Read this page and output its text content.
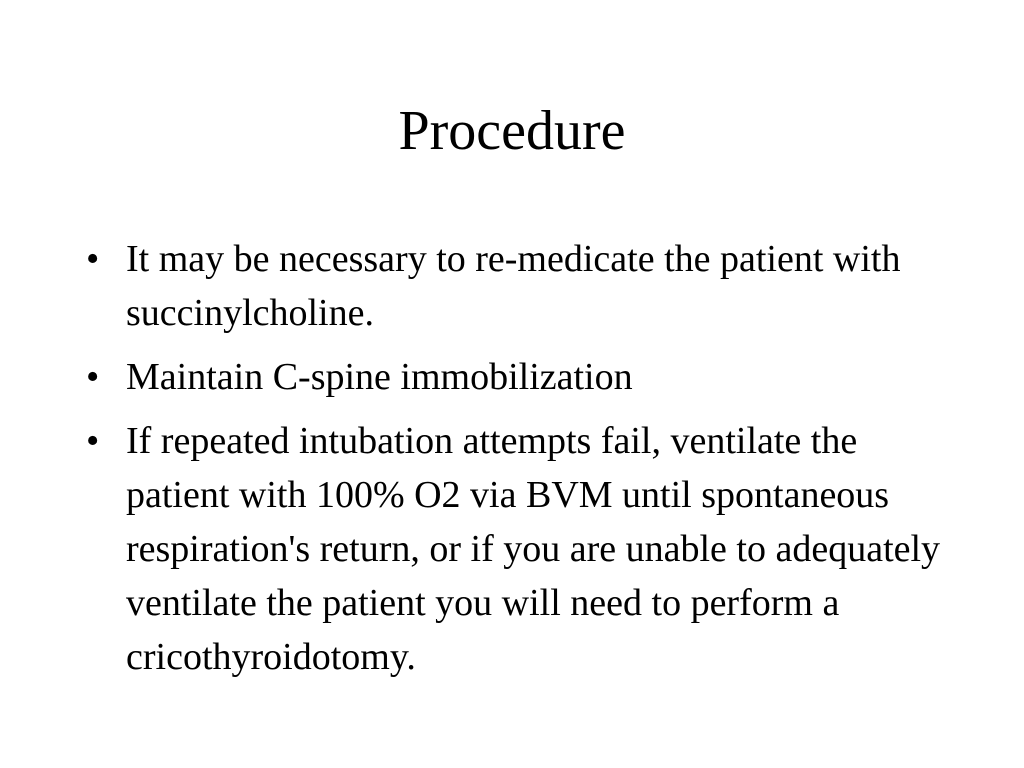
Procedure
• It may be necessary to re-medicate the patient with succinylcholine.
• Maintain C-spine immobilization
• If repeated intubation attempts fail, ventilate the patient with 100% O2 via BVM until spontaneous respiration's return, or if you are unable to adequately ventilate the patient you will need to perform a cricothyroidotomy.
